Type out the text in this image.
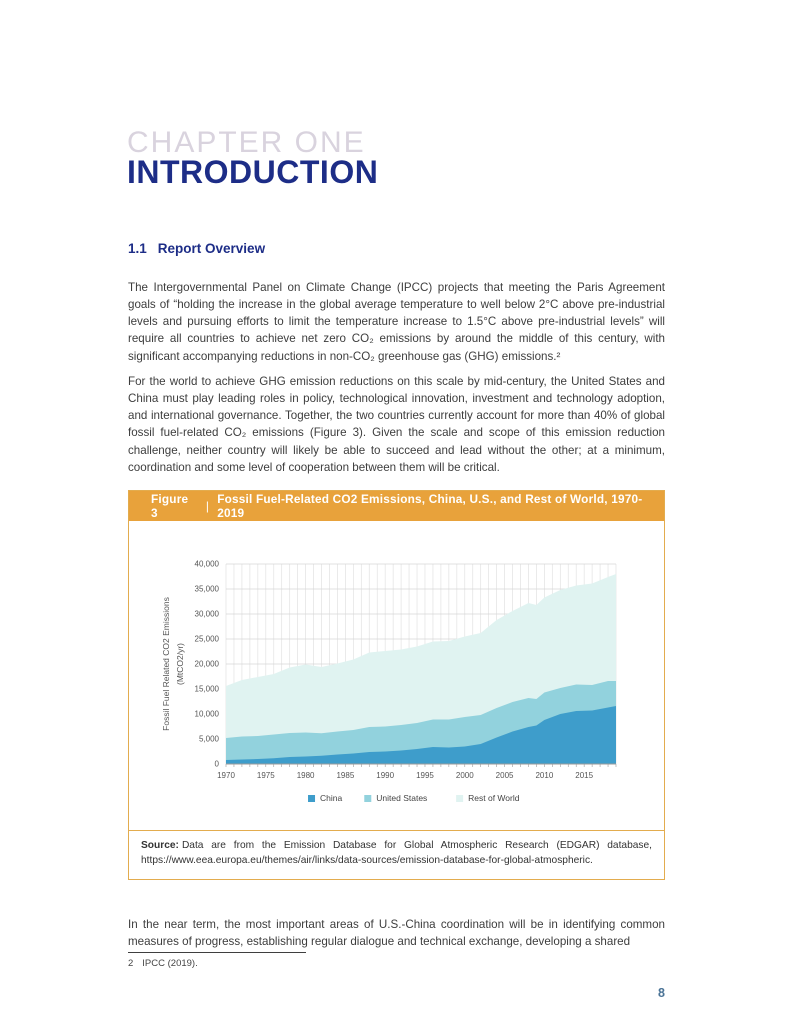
CHAPTER ONE
INTRODUCTION
1.1 Report Overview

The Intergovernmental Panel on Climate Change (IPCC) projects that meeting the Paris Agreement goals of “holding the increase in the global average temperature to well below 2°C above pre-industrial levels and pursuing efforts to limit the temperature increase to 1.5°C above pre-industrial levels” will require all countries to achieve net zero CO₂ emissions by around the middle of this century, with significant accompanying reductions in non-CO₂ greenhouse gas (GHG) emissions.²

For the world to achieve GHG emission reductions on this scale by mid-century, the United States and China must play leading roles in policy, technological innovation, investment and technology adoption, and international governance. Together, the two countries currently account for more than 40% of global fossil fuel-related CO₂ emissions (Figure 3). Given the scale and scope of this emission reduction challenge, neither country will likely be able to succeed and lead without the other; at a minimum, coordination and some level of cooperation between them will be critical.

Figure 3	| Fossil Fuel-Related CO2 Emissions, China, U.S., and Rest of World, 1970-2019
1970	1975	1980	1985	1990	1995	2000	2005	2010	2015
0
5,000
10,000
15,000
20,000
25,000
30,000
35,000
40,000
Fossil Fuel Related CO2 Emissions (MtCO2/yr)
China	United States	Rest of World
Source: Data are from the Emission Database for Global Atmospheric Research (EDGAR) database, https://www.eea.europa.eu/themes/air/links/data-sources/emission-database-for-global-atmospheric.

In the near term, the most important areas of U.S.-China coordination will be in identifying common measures of progress, establishing regular dialogue and technical exchange, developing a shared

2 IPCC (2019).
8
